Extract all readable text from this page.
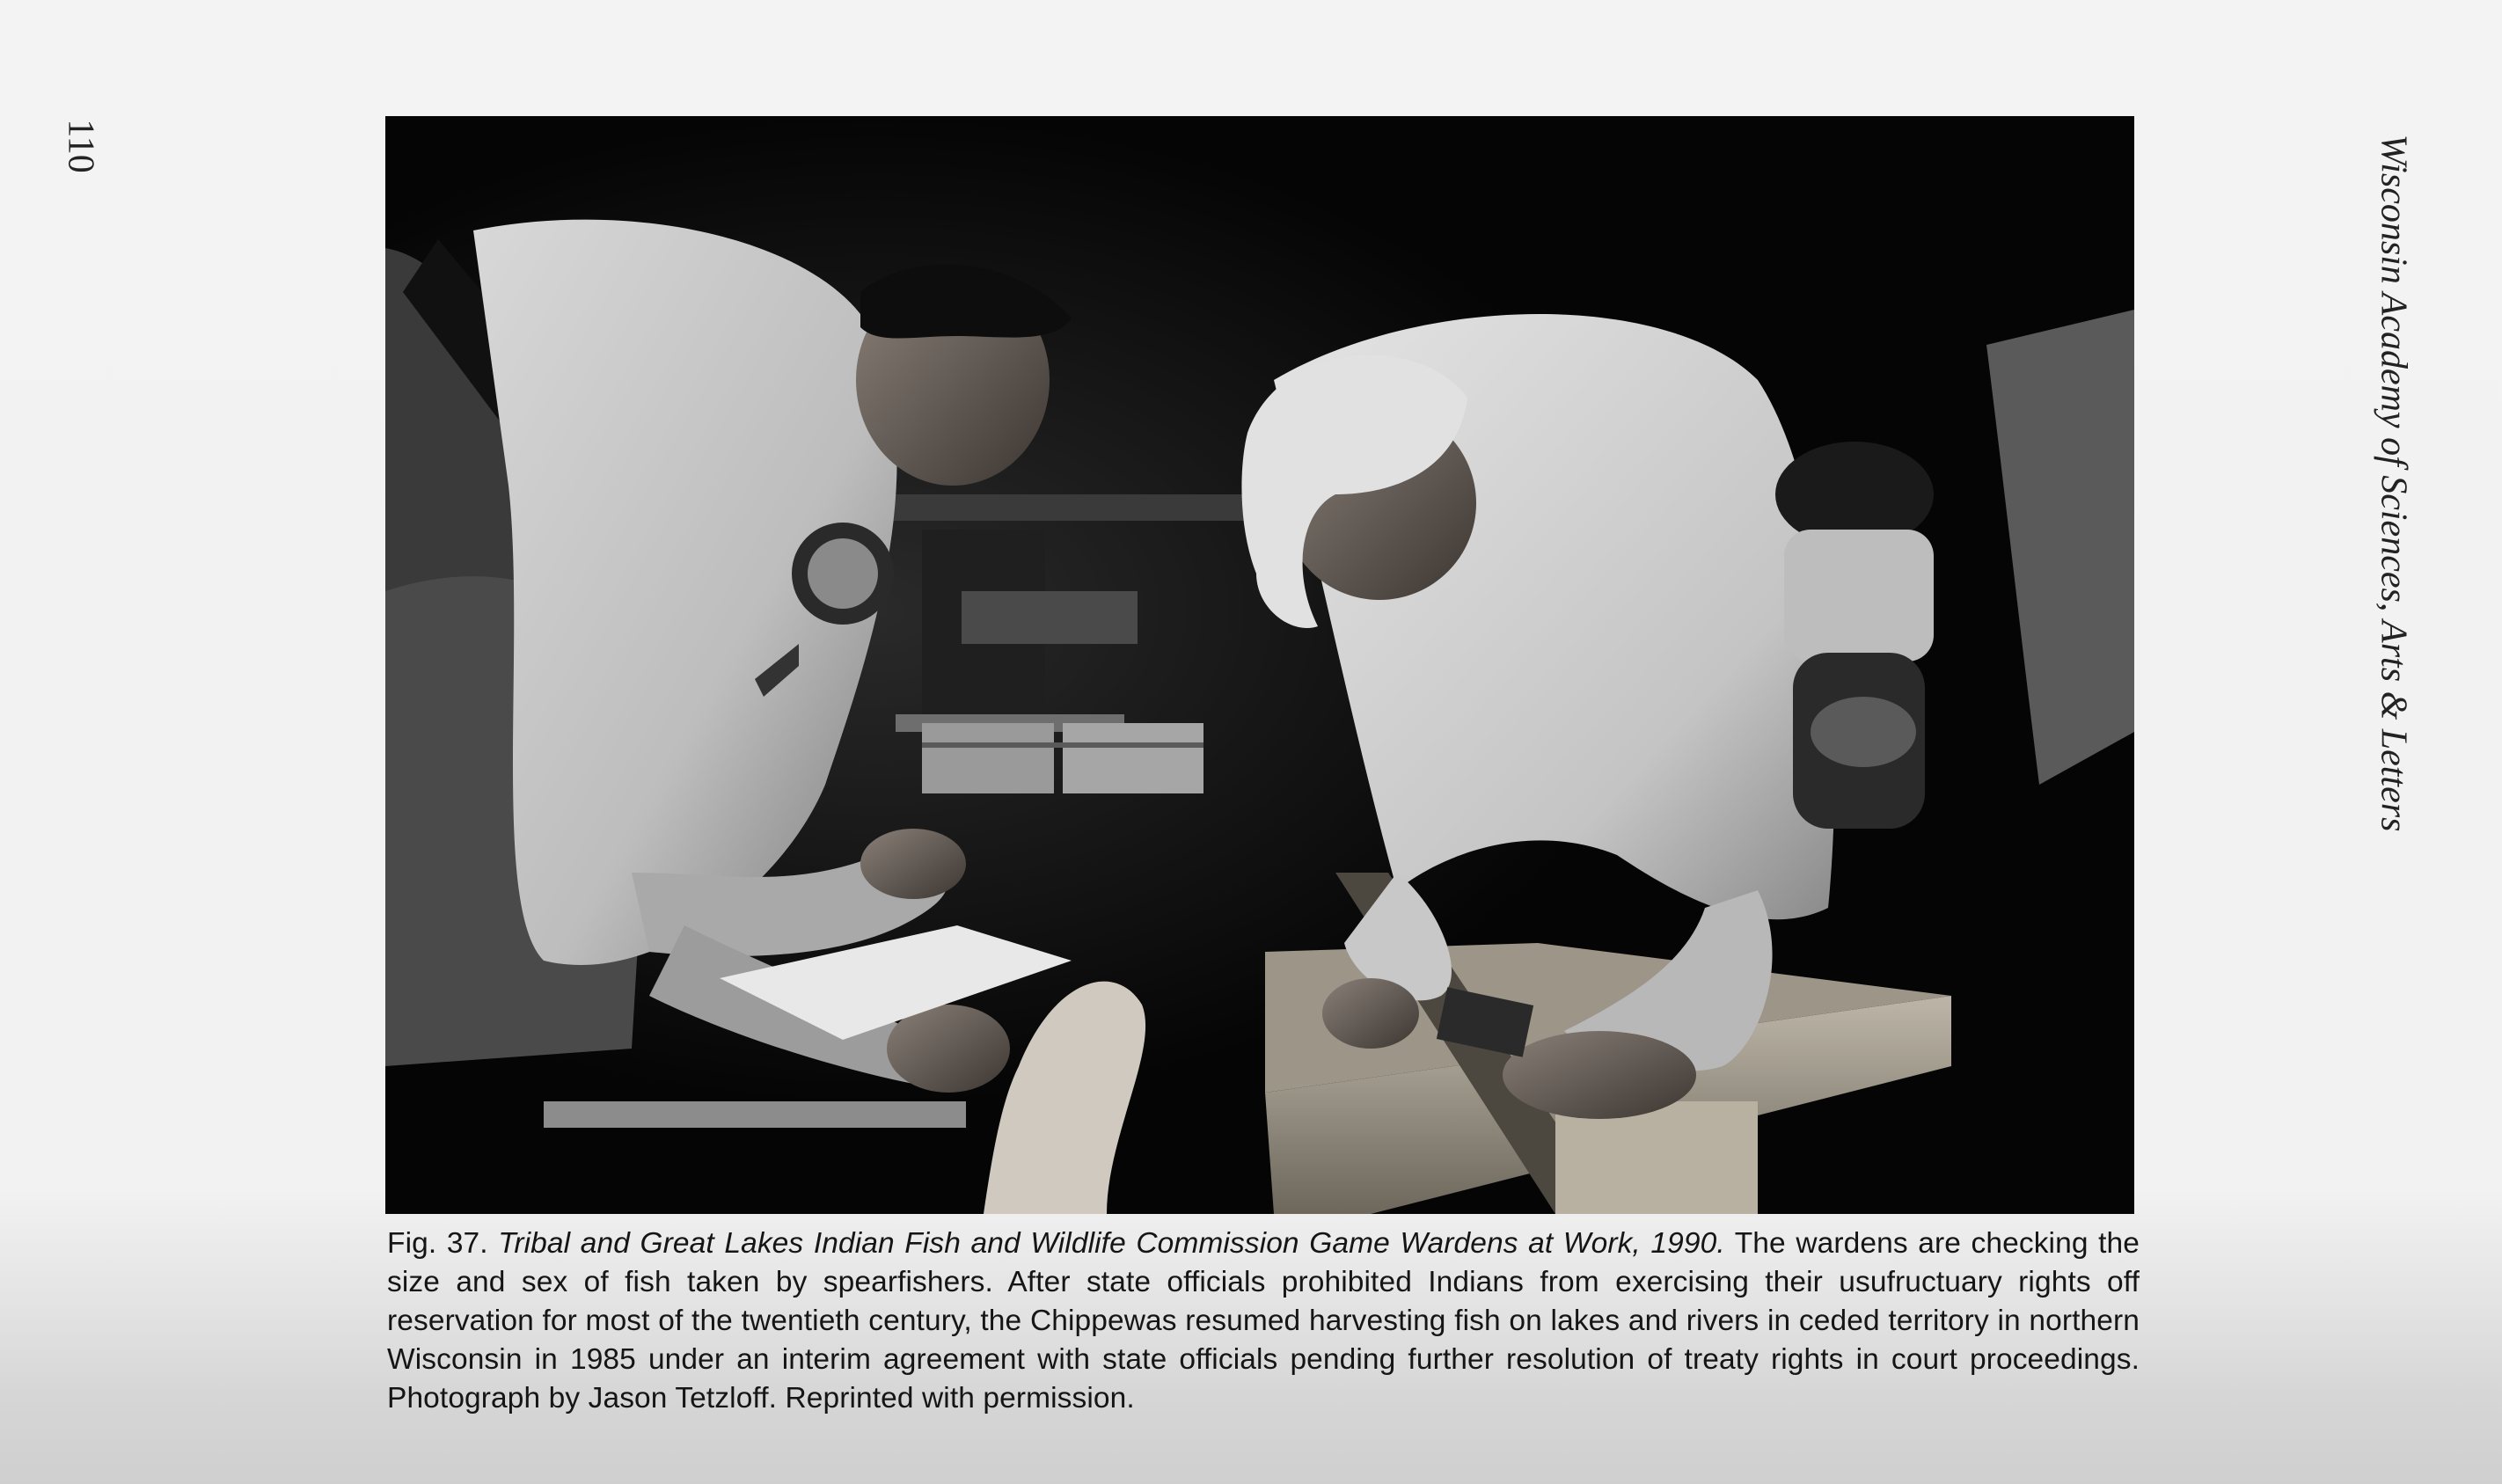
110	Wisconsin Academy of Sciences, Arts & Letters
Fig. 37. Tribal and Great Lakes Indian Fish and Wildlife Commission Game Wardens at Work, 1990. The wardens are checking the size and sex of fish taken by spearfishers. After state officials prohibited Indians from exercising their usufructuary rights off reservation for most of the twentieth century, the Chippewas resumed harvesting fish on lakes and rivers in ceded territory in northern Wisconsin in 1985 under an interim agreement with state officials pending further resolution of treaty rights in court proceedings. Photograph by Jason Tetzloff. Reprinted with permission.
